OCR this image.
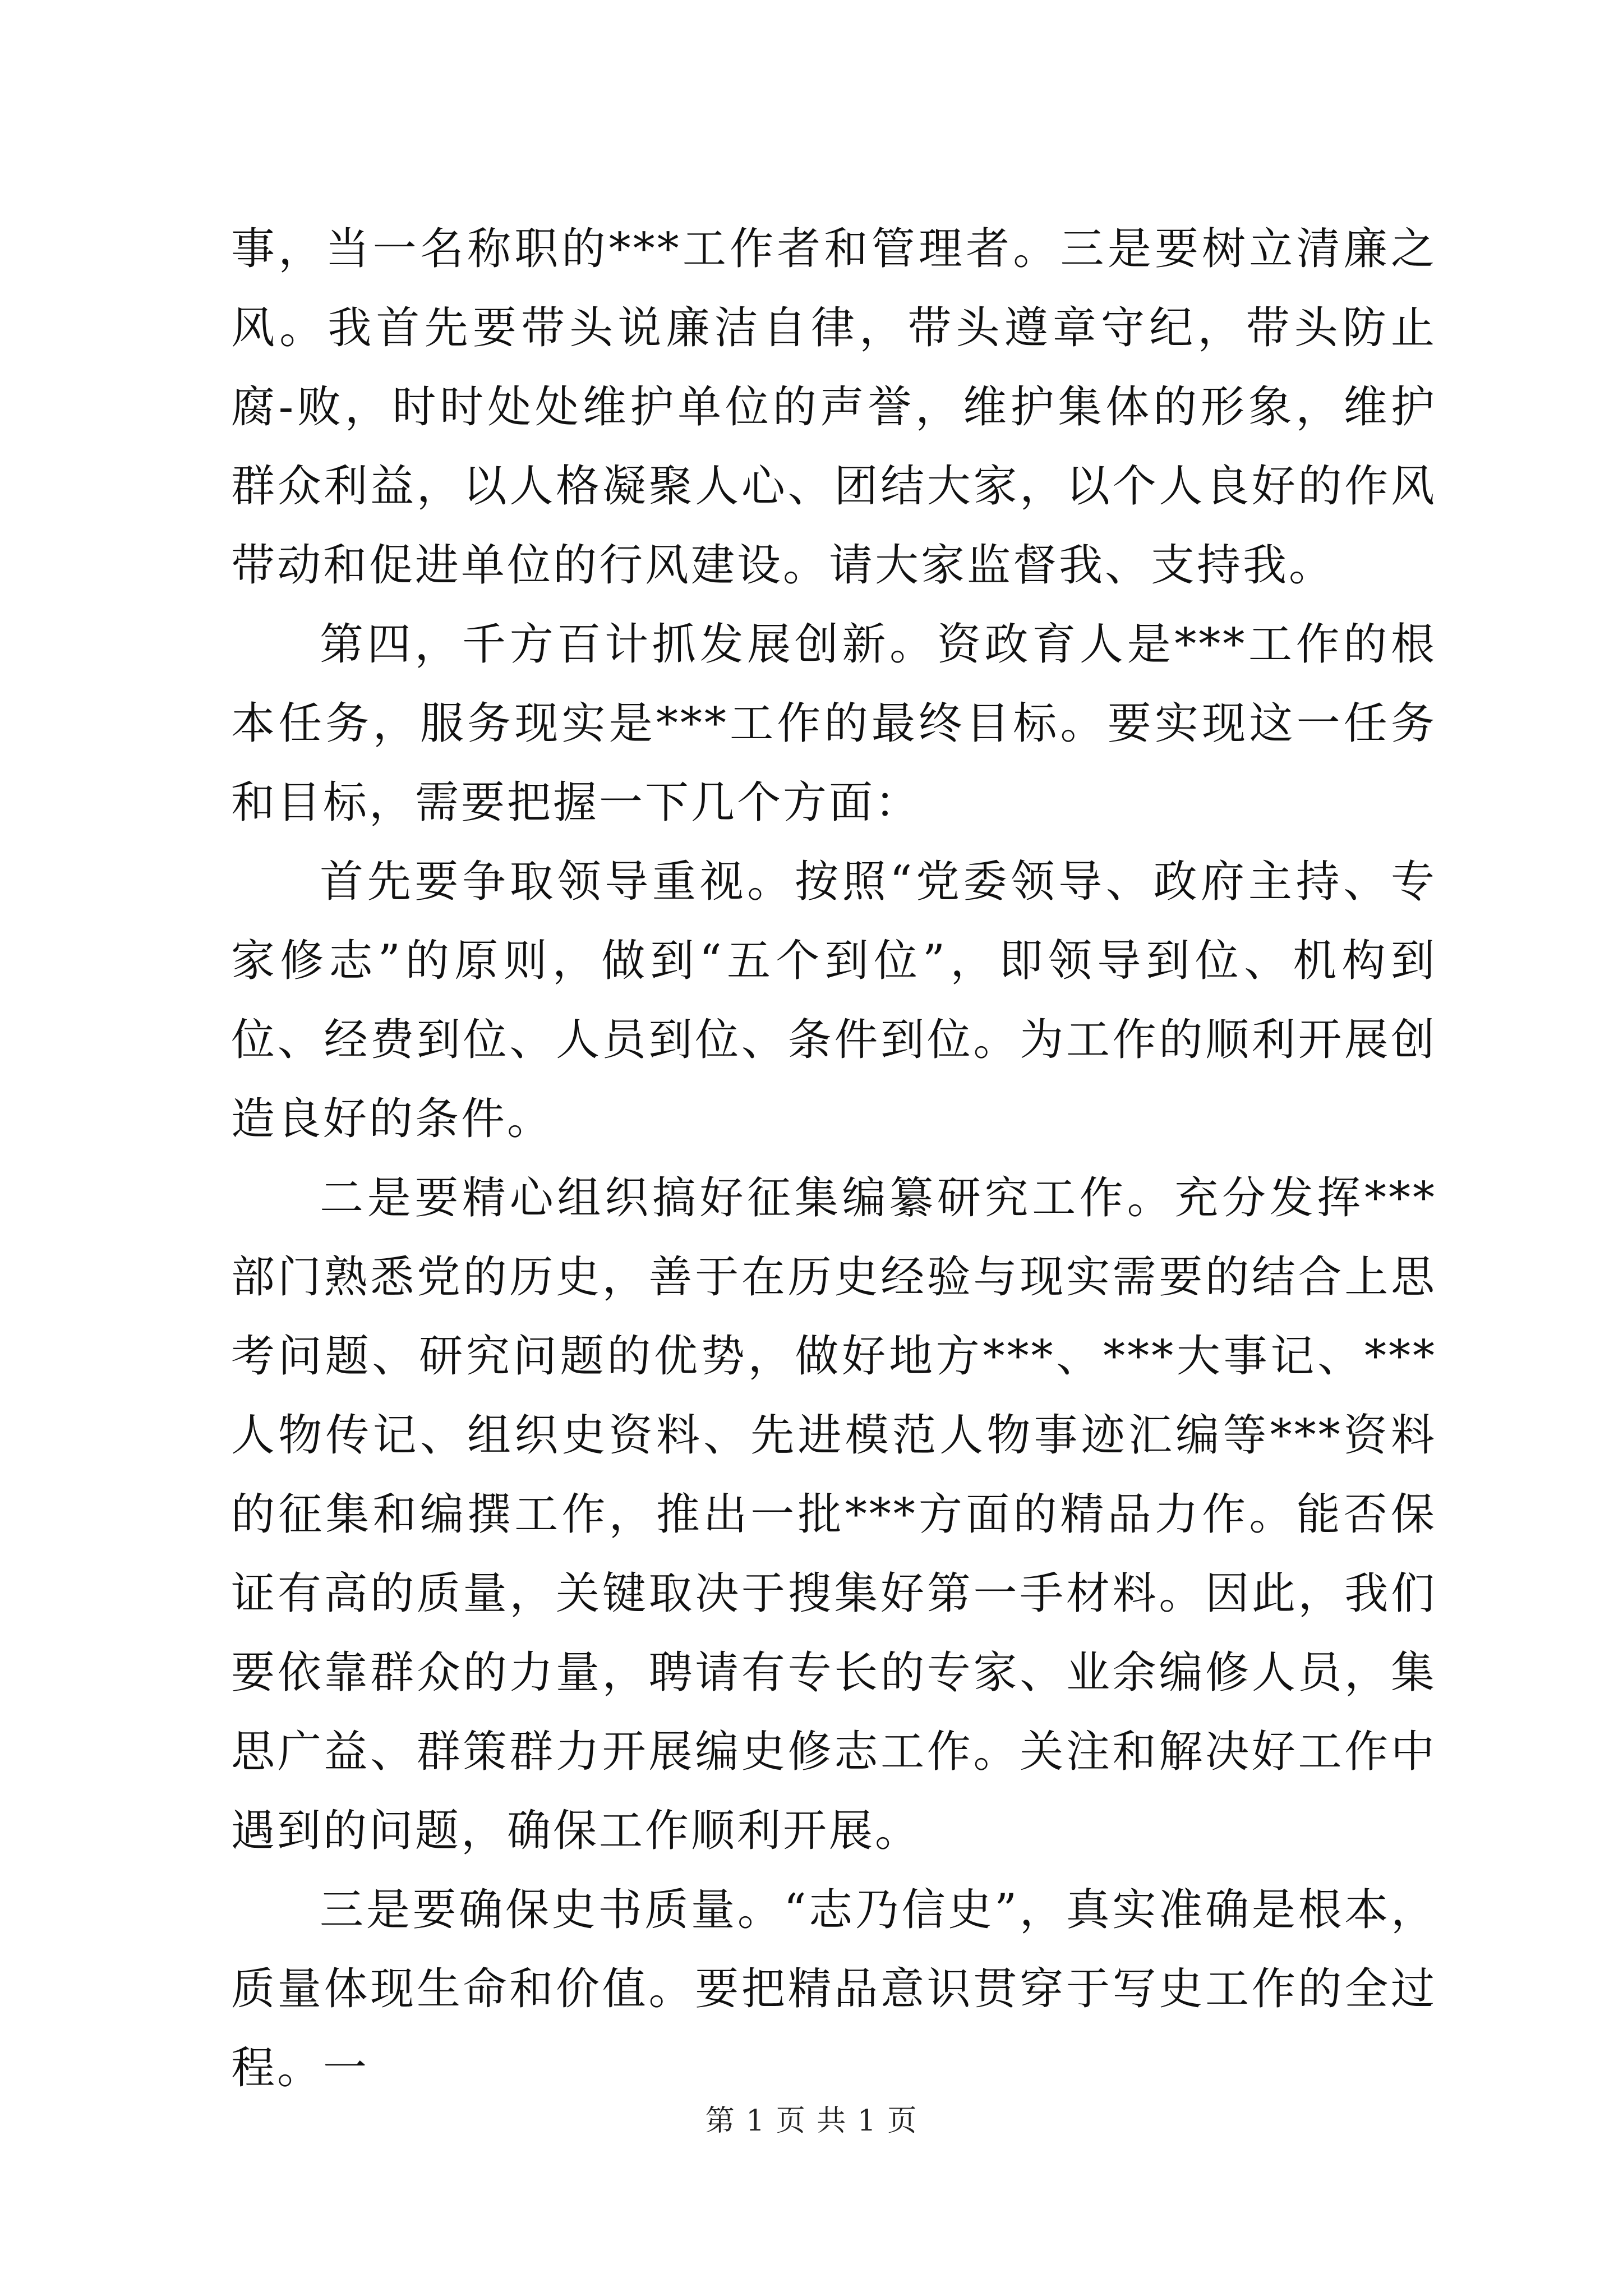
事，当一名称职的***工作者和管理者。三是要树立清廉之风。我首先要带头说廉洁自律，带头遵章守纪，带头防止腐-败，时时处处维护单位的声誉，维护集体的形象，维护群众利益，以人格凝聚人心、团结大家，以个人良好的作风带动和促进单位的行风建设。请大家监督我、支持我。

第四，千方百计抓发展创新。资政育人是***工作的根本任务，服务现实是***工作的最终目标。要实现这一任务和目标，需要把握一下几个方面：

首先要争取领导重视。按照“党委领导、政府主持、专家修志”的原则，做到“五个到位”，即领导到位、机构到位、经费到位、人员到位、条件到位。为工作的顺利开展创造良好的条件。

二是要精心组织搞好征集编纂研究工作。充分发挥***部门熟悉党的历史，善于在历史经验与现实需要的结合上思考问题、研究问题的优势，做好地方***、***大事记、***人物传记、组织史资料、先进模范人物事迹汇编等***资料的征集和编撰工作，推出一批***方面的精品力作。能否保证有高的质量，关键取决于搜集好第一手材料。因此，我们要依靠群众的力量，聘请有专长的专家、业余编修人员，集思广益、群策群力开展编史修志工作。关注和解决好工作中遇到的问题，确保工作顺利开展。

三是要确保史书质量。“志乃信史”，真实准确是根本，质量体现生命和价值。要把精品意识贯穿于写史工作的全过程。一

第 1 页 共 1 页
